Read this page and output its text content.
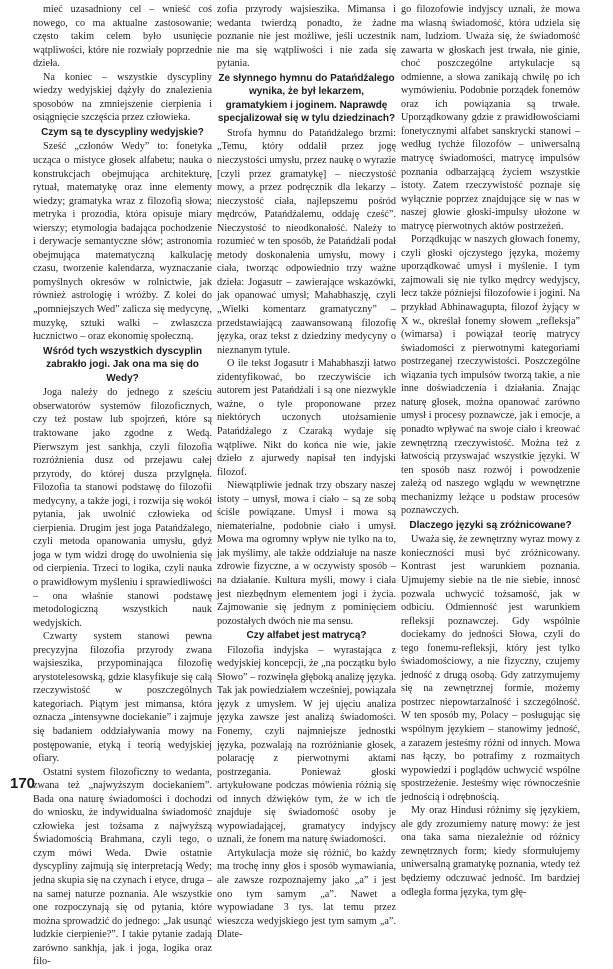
mieć uzasadniony cel – wnieść coś nowego, co ma aktualne zastosowanie; często takim celem było usunięcie wątpliwości, które nie rozwiały poprzednie dzieła.

Na koniec – wszystkie dyscypliny wiedzy wedyjskiej dążyły do znalezienia sposobów na zmniejszenie cierpienia i osiągnięcie szczęścia przez człowieka.

Czym są te dyscypliny wedyjskie?

Sześć „członów Wedy” to: fonetyka ucząca o mistyce głosek alfabetu; nauka o konstrukcjach obejmująca architekturę, rytuał, matematykę oraz inne elementy wiedzy; gramatyka wraz z filozofią słowa; metryka i prozodia, która opisuje miary wierszy; etymologia badająca pochodzenie i derywacje semantyczne słów; astronomia obejmująca matematyczną kalkulację czasu, tworzenie kalendarza, wyznaczanie pomyślnych okresów w rolnictwie, jak również astrologię i wróżby. Z kolei do „pomniejszych Wed” zalicza się medycynę, muzykę, sztuki walki – zwłaszcza łucznictwo – oraz ekonomię społeczną.

Wśród tych wszystkich dyscyplin zabrakło jogi. Jak ona ma się do Wedy?

Joga należy do jednego z sześciu obserwatorów systemów filozoficznych, czy też postaw lub spojrzeń, które są traktowane jako zgodne z Wedą. Pierwszym jest sankhja, czyli filozofia rozróżnienia dusz od przejawu całej przyrody, do której dusza przylgnęła. Filozofia ta stanowi podstawę do filozofii medycyny, a także jogi, i rozwija się wokół pytania, jak uwolnić człowieka od cierpienia. Drugim jest joga Patańdźalego, czyli metoda opanowania umysłu, gdyż joga w tym widzi drogę do uwolnienia się od cierpienia. Trzeci to logika, czyli nauka o prawidłowym myśleniu i sprawiedliwości – ona właśnie stanowi podstawę metodologiczną wszystkich nauk wedyjskich.

Czwarty system stanowi pewna precyzyjna filozofia przyrody zwana wajsieszika, przypominająca filozofię arystotelesowską, gdzie klasyfikuje się całą rzeczywistość w poszczególnych kategoriach. Piątym jest mimansa, która oznacza „intensywne dociekanie” i zajmuje się badaniem oddziaływania mowy na postępowanie, etyką i teorią wedyjskiej ofiary.

Ostatni system filozoficzny to wedanta, zwana też „najwyższym dociekaniem”. Bada ona naturę świadomości i dochodzi do wniosku, że indywidualna świadomość człowieka jest tożsama z najwyższą Świadomością Brahmana, czyli tego, o czym mówi Weda. Dwie ostatnie dyscypliny zajmują się interpretacją Wedy; jedna skupia się na czynach i etyce, druga – na samej naturze poznania. Ale wszystkie one rozpoczynają się od pytania, które można sprowadzić do jednego: „Jak usunąć ludzkie cierpienie?”. I takie pytanie zadają zarówno sankhja, jak i joga, logika oraz filo-

zofia przyrody wajsieszika. Mimansa i wedanta twierdzą ponadto, że żadne poznanie nie jest możliwe, jeśli uczestnik nie ma się wątpliwości i nie zada się pytania.

Ze słynnego hymnu do Patańdźalego wynika, że był lekarzem, gramatykiem i joginem. Naprawdę specjalizował się w tylu dziedzinach?

Strofa hymnu do Patańdźalego brzmi: „Temu, który oddalił przez jogę nieczystości umysłu, przez naukę o wyrazie [czyli przez gramatykę] – nieczystość mowy, a przez podręcznik dla lekarzy – nieczystość ciała, najlepszemu pośród mędrców, Patańdźalemu, oddaję cześć”. Nieczystość to nieodkonałość. Należy to rozumieć w ten sposób, że Patańdźali podał metody doskonalenia umysłu, mowy i ciała, tworząc odpowiednio trzy ważne dzieła: Jogasutr – zawierające wskazówki, jak opanować umysł; Mahabhaszję, czyli „Wielki komentarz gramatyczny” – przedstawiającą zaawansowaną filozofię języka, oraz tekst z dziedziny medycyny o nieznanym tytule.

O ile tekst Jogasutr i Mahabhaszji łatwo zidentyfikować, bo rzeczywiście ich autorem jest Patańdźali i są one niezwykle ważne, o tyle proponowane przez niektórych uczonych utożsamienie Patańdźalego z Czaraką wydaje się wątpliwe. Nikt do końca nie wie, jakie dzieło z ajurwedy napisał ten indyjski filozof.

Niewątpliwie jednak trzy obszary naszej istoty – umysł, mowa i ciało – są ze sobą ściśle powiązane. Umysł i mowa są niematerialne, podobnie ciało i umysł. Mowa ma ogromny wpływ nie tylko na to, jak myślimy, ale także oddziałuje na nasze zdrowie fizyczne, a w oczywisty sposób – na działanie. Kultura myśli, mowy i ciała jest niezbędnym elementem jogi i życia. Zajmowanie się jednym z pominięciem pozostałych dwóch nie ma sensu.

Czy alfabet jest matrycą?

Filozofia indyjska – wyrastająca z wedyjskiej koncepcji, że „na początku było Słowo” – rozwinęła głęboką analizę języka. Tak jak powiedziałem wcześniej, powiązała język z umysłem. W jej ujęciu analiza języka zawsze jest analizą świadomości. Fonemy, czyli najmniejsze jednostki języka, pozwalają na rozróżnianie głosek, polarację z pierwotnymi aktami postrzegania. Ponieważ głoski artykułowane podczas mówienia różnią się od innych dźwięków tym, że w ich tle znajduje się świadomość osoby je wypowiadającej, gramatycy indyjscy uznali, że fonem ma naturę świadomości.

Artykulacja może się różnić, bo każdy ma trochę inny głos i sposób wymawiania, ale zawsze rozpoznajemy jako „a” i jest ono tym samym „a”. Nawet a wypowiadane 3 tys. lat temu przez wieszcza wedyjskiego jest tym samym „a”. Dlate-

go filozofowie indyjscy uznali, że mowa ma własną świadomość, która udziela się nam, ludziom. Uważa się, że świadomość zawarta w głoskach jest trwała, nie ginie, choć poszczególne artykulacje są odmienne, a słowa zanikają chwilę po ich wymówieniu. Podobnie porządek fonemów oraz ich powiązania są trwałe. Uporządkowany gdzie z prawidłowościami fonetycznymi alfabet sanskrycki stanowi – według tychże filozofów – uniwersalną matrycę świadomości, matrycę impulsów poznania odbarzającą życiem wszystkie istoty. Zatem rzeczywistość poznaje się wyłącznie poprzez znajdujące się w nas w naszej głowie głoski-impulsy ułożone w matrycę pierwotnych aktów postrzeżeń.

Porządkując w naszych głowach fonemy, czyli głoski ojczystego języka, możemy uporządkować umysł i myślenie. I tym zajmowali się nie tylko mędrcy wedyjscy, lecz także późniejsi filozofowie i jogini. Na przykład Abhinawagupta, filozof żyjący w X w., określał fonemy słowem „refleksja” (wimarsa) i powiązał teorię matrycy świadomości z pierwotnymi kategoriami postrzeganej rzeczywistości. Poszczególne wiązania tych impulsów tworzą takie, a nie inne doświadczenia i działania. Znając naturę głosek, można opanować zarówno umysł i procesy poznawcze, jak i emocje, a ponadto wpływać na swoje ciało i kreować zewnętrzną rzeczywistość. Można też z łatwością przyswajać wszystkie języki. W ten sposób nasz rozwój i powodzenie zależą od naszego wglądu w wewnętrzne mechanizmy leżące u podstaw procesów poznawczych.

Dlaczego języki są zróżnicowane?

Uważa się, że zewnętrzny wyraz mowy z konieczności musi być zróżnicowany. Kontrast jest warunkiem poznania. Ujmujemy siebie na tle nie siebie, innosć pozwala uchwycić tożsamość, jak w odbiciu. Odmienność jest warunkiem refleksji poznawczej. Gdy wspólnie dociekamy do jedności Słowa, czyli do tego fonemu-refleksji, który jest tylko świadomościowy, a nie fizyczny, czujemy jedność z drugą osobą. Gdy zatrzymujemy się na zewnętrznej formie, możemy postrzec niepowtarzalność i szczególność. W ten sposób my, Polacy – posługując się wspólnym językiem – stanowimy jedność, a zarazem jesteśmy różni od innych. Mowa nas łączy, bo potrafimy z rozmaitych wypowiedzi i poglądów uchwycić wspólne spostrzeżenie. Jesteśmy więc równocześnie jednością i odrębnością.

My oraz Hindusi różnimy się językiem, ale gdy zrozumiemy naturę mowy: że jest ona taka sama niezależnie od różnicy zewnętrznych form; kiedy sformułujemy uniwersalną gramatykę poznania, wtedy też będziemy odczuwać jedność. Im bardziej odległa forma języka, tym głę-

170
